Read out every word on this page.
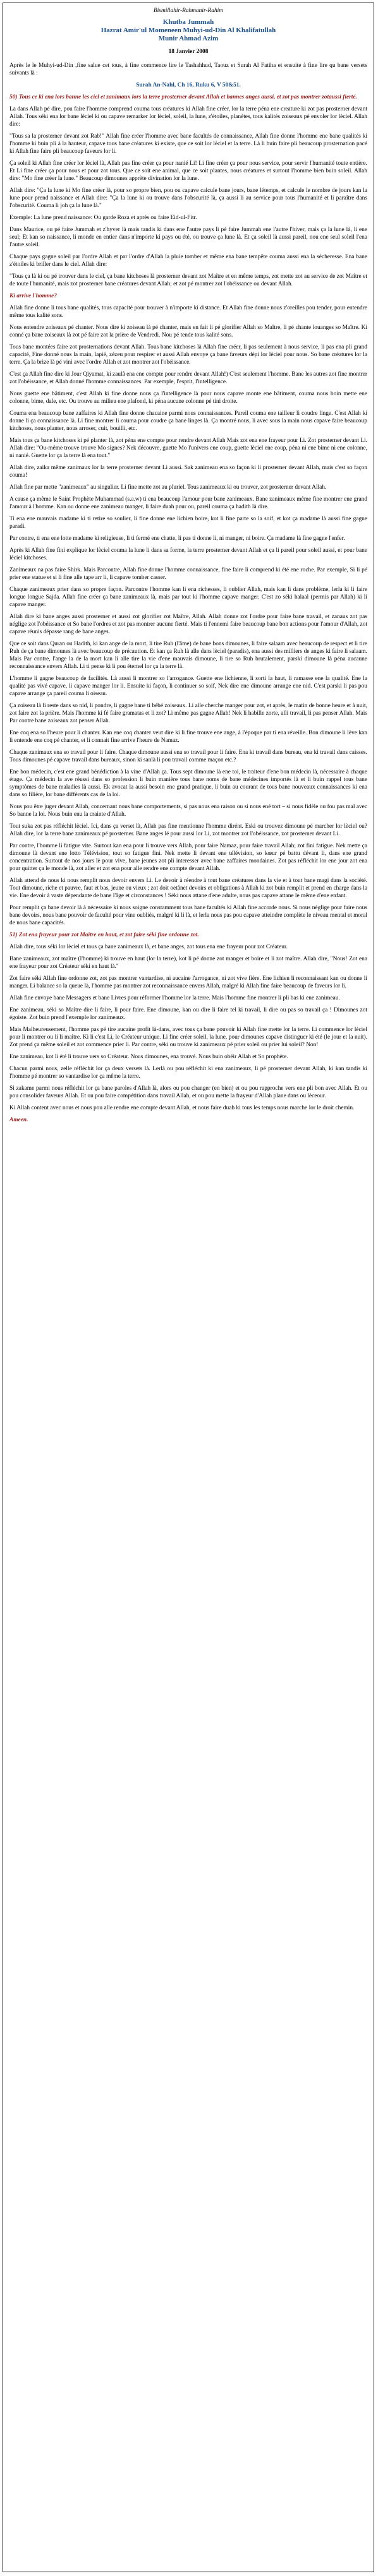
Bismillahir-Rahmanir-Rahim
Khutba Jummah
Hazrat Amir'ul Momeneen Muhyi-ud-Din Al Khalifatullah
Munir Ahmad Azim
18 Janvier 2008

Après le le Muhyi-ud-Din ,fine salue cet tous, à fine commence lire le Tashahhud, Taouz et Surah Al Fatiha et ensuite à fine lire qu bane versets suivants là :

Surah An-Nahl, Ch 16, Ruku 6, V 50&51.

50) Tous ce ki ena lors banne les ciel et zanimaux lors la terre prosterner devant Allah et bannes anges aussi, et zot pas montrer zotaussi fierté.

La dans Allah pé dire, pou faire l'homme comprend couma tous créatures ki Allah fine créer, lor la terre péna ene creature ki zot pas prosterner devant Allah. Tous séki ena lor bane lèciel ki ou capave remarker lor lèciel, soleil, la lune, z'étoiles, planètes, tous kalités zoiseaux pé envoler lor lèciel. Allah dire:

"Tous sa la prosterner devant zot Rab!" Allah fine créer l'homme avec bane facultés de connaissance, Allah fine donne l'homme ene bane qualités ki l'homme ki buin pli à la hauteur, capave tous bane créatures ki existe, que ce soit lor lèciel et la terre. Là li buin faire pli beaucoup prosternation pacé ki Allah fine faire pli beaucoup faveurs lor li.

Ça soleil ki Allah fine créer lor lèciel là, Allah pas fine créer ça pour nanié Li! Li fine créer ça pour nous service, pour servir l'humanité toute entière. Et Li fine créer ça pour nous et pour zot tous. Que ce soit ene animal, que ce soit plantes, nous créatures et surtout l'homme bien buin soleil. Allah dire: "Mo fine créer la lune." Beaucoup dimounes apprète divination lor la lune.

Allah dire: "Ça la lune ki Mo fine créer là, pour so propre bien, pou ou capave calcule bane jours, bane létemps, et calcule le nombre de jours kan la lune pour prend naissance et Allah dire: "Ça la lune ki ou trouve dans l'obscurité là, ça aussi li au service pour tous l'humanité et li paraître dans l'obscurité. Couma li joh ça la lune là."

Exemple: La lune prend naissance: Ou garde Roza et après ou faire Eid-ul-Fitr.

Dans Maurice, ou pé faire Jummah et z'hyver là mais tandis ki dans ene l'autre pays li pé faire Jummah ene l'autre l'hiver, mais ça la lune là, li ene seul; Et kan so naissance, li monde en entier dans n'importe ki pays ou été, ou trouve ça lune là. Et ça soleil là aussi pareil, nou ene seul soleil l'ena l'autre soleil.

Chaque pays gagne soleil par l'ordre Allah et par l'ordre d'Allah la pluie tomber et même ena bane tempête couma aussi ena la sécheresse. Ena bane z'étoiles ki briller dans le ciel. Allah dire:

"Tous ça là ki ou pé trouver dans le ciel, ça bane kitchoses là prosterner devant zot Maître et en même temps, zot mette zot au service de zot Maître et de toute l'humanité, mais zot prosterner bane créatures devant Allah; et zot pé montrer zot l'obéissance ou devant Allah.

Ki arrive l'homme?

Allah fine donne li tous bane qualités, tous capacité pour trouver à n'importe ki distance. Et Allah fine donne nous z'oreilles pou tender, pour entendre même tous kalité sons.

Nous entendre zoiseaux pé chanter. Nous dire ki zoiseau là pé chanter, mais en fait li pé glorifier Allah so Maître, li pé chante louanges so Maître. Ki conné ça bane zoiseaux là zot pé faire zot la prière de Vendredi. Nou pé tende tous kalité sons.

Tous bane montées faire zot prosternations devant Allah. Tous bane kitchoses là Allah fine créer, li pas seulement à nous service, li pas ena pli grand capacité, Fine donné nous la main, lapié, zézeu pour respirer et aussi Allah envoye ça bane faveurs dépi lor lèciel pour nous. So bane créatures lor la terre. Ça la brize là pé vini avec l'ordre Allah et zot montrer zot l'obéissance.

C'est ça Allah fine dire ki Jour Qiyamat, ki zaulâ ena ene compte pour rendre devant Allah!) C'est seulement l'homme. Bane les autres zot fine montrer zot l'obéissance, et Allah donné l'homme connaissances. Par exemple, l'esprit, l'intelligence.

Nous guette ene bâtiment, c'est Allah ki fine donne nous ça l'intelligence là pour nous capave monte ene bâtiment, couma nous boin mette ene colonne, bime, dale, etc. Ou trouve au milieu ene plafond, ki péna aucune colonne pé tini droite.

Couma ena beaucoup bane zaffaires ki Allah fine donne chacaine parmi nous connaissances. Pareil couma ene tailleur li coudre linge. C'est Allah ki donne li ça connaissance là. Li fine montrer li couma pour coudre ça bane linges là. Ça montré nous, li avec sous la main nous capave faire beaucoup kitchoses, nous planter, nous arroser, cuit, bouilli, etc.

Mais tous ça bane kitchoses ki pé planter là, zot pèna ene compte pour rendre devant Allah Mais zot ena ene frayeur pour Li. Zot prosterner devant Li. Allah dire: "Ou-même trouve trouve Mo signes? Nek découvre, guette Mo l'univers ene coup, guette lèciel ene coup, péna ni ene bime ni ene colonne, ni nanié. Guette lor ça la terre là ena tout."

Allah dire, zaika même zanimaux lor la terre prosterner devant Li aussi. Sak zanimeau ena so façon ki li prosterner devant Allah, mais c'est so façon couma!

Allah fine par mette "zanimeaux" au singulier. Li fine mette zot au pluriel. Tous zanimeaux ki ou trouver, zot prosterner devant Allah.

A cause ça même le Saint Prophète Muhammad (s.a.w) ti ena beaucoup l'amour pour bane zanimeaux. Bane zanimeaux même fine montrer ene grand l'amour à l'homme. Kan ou donne ene zanimeau manger, li faire duah pour ou, pareil couma ça hadith là dire.

Ti ena ene mauvais madame ki ti retire so soulier, li fine donne ene lichien boire, kot li fine parte so la soif, et kot ça madame là aussi fine gagne paradi.

Par contre, ti ena ene lotte madame ki religieuse, li ti fermé ene chatte, li pas ti donne li, ni manger, ni boire. Ça madame là fine gagne l'enfer.

Après ki Allah fine fini explique lor lèciel couma la lune li dans sa forme, la terre prosterner devant Allah et ça li pareil pour soleil aussi, et pour bane lèciel kitchoses.

Zanimeaux na pas faire Shirk. Mais Parcontre, Allah fine donne l'homme connaissance, fine faire li comprend ki été ene roche. Par exemple, Si li pé prier ene statue et si li fine alle tape arr li, li capave tomber casser.

Chaque zanimeaux prier dans so propre façon. Parcontre l'homme kan li ena richesses, li oublier Allah, mais kan li dans problème, lerla ki li faire longue longue Sajda. Allah fine créer ça bane zanimeaux là, mais par tout ki l'homme capave manger. C'est zo séki halaal (permis par Allah) ki li capave manger.

Allah dire ki bane anges aussi prosterner et aussi zot glorifier zot Maître, Allah. Allah donne zot l'ordre pour faire bane travail, et zanaus zot pas néglige zot l'obéissance et So bane l'ordres et zot pas montrer aucune fierté. Mais ti l'ennemi faire beaucoup bane bon actions pour l'amour d'Allah, zot capave réunis dépasse rang de bane anges.

Que ce soit dans Quran ou Hadith, ki kan ange de la mort, li tire Ruh (l'âme) de bane bons dimounes, li faire salaam avec beaucoup de respect et li tire Ruh de ça bane dimounes là avec beaucoup de précaution. Et kan ça Ruh là alle dans lèciel (paradis), ena aussi des milliers de anges ki faire li salaam. Mais Par contre, l'ange la de la mort kan li alle tire la vie d'ene mauvais dimoune, li tire so Ruh brutalement, parski dimoune là péna aucaune reconnaissance envers Allah. Li ti pense ki li pou éternel lor ça la terre là.

L'homme li gagne beaucoup de facilités. Là aussi li montrer so l'arrogance. Guette ene lichienne, li sorti la haut, li ramasse ene la qualité. Ene la qualité pas vivé capave, li capave manger lor li. Ensuite ki façon, li continuer so soif, Nek dire ene dimoune arrange ene nid. C'est parski li pas pou capave arrange ça pareil couma li oiseau.

Ça zoiseau là li reste dans so nid, li pondre, li gagne bane ti bébé zoiseaux. Li alle cherche manger pour zot, et après, le matin de bonne heure et à nuit, zot faire zot la prière. Mais l'homme ki fé faire gramatas et li zot? Li même pas gagne Allah! Nek li habille zorte, alli travail, li pas penser Allah. Mais Par contre bane zoiseaux zot penser Allah.

Ene coq ena so l'heure pour li chanter. Kan ene coq chanter veut dire ki li fine trouve ene ange, à l'époque par ti ena réveille. Bon dimoune li lève kan li entende ene coq pé chanter, et li connait fine arrive l'heure de Namaz.

Chaque zanimaux ena so travail pour li faire. Chaque dimoune aussi ena so travail pour li faire. Ena ki travail dans bureau, ena ki travail dans caisses. Tous dimounes pé capave travail dans bureaux, sinon ki sanlà li pou travail comme maçon etc.?

Ene bon médecin, c'est ene grand bénédiction à la vine d'Allah ça. Tous sept dimoune là ene toi, le traiteur d'ene bon médecin là, nécessaire à chaque étage. Ça médecin la ave réussi dans so profession li buin manière tous bane noms de bane médecines importés là et li buin rappel tous bane symptômes de bane maladies là aussi. Ek avocat la aussi besoin ene grand pratique, li buin au courant de tous bane nouveaux connaissances ki ena dans so filière, lor bane différents cas de la loi.

Nous pou être juger devant Allah, concernant nous bane comportements, si pas nous ena raison ou si nous ené tort – si nous fidèle ou fou pas mal avec So banne la loi. Nous buin enu la crainte d'Allah.

Tout suka zot pas réfléchit lèciel. Ici, dans ça verset là, Allah pas fine mentionne l'homme dirént. Eski ou trouvez dimoune pé marcher lor lèciel ou? Allah dire, lor la terre bane zanimeaux pé prosterner. Bane anges lé pour aussi lor Li, zot montrer zot l'obéissance, zot prosterner devant Li.

Par contre, l'homme li fatigue vite. Surtout kan ena pour li trouve vers Allah, pour faire Namaz, pour faire travail Allah; zot fini fatigue. Nek mette ça dimoune là devant ene lotto Télévision, tout so fatigue fini. Nek mette li devant ene télévision, so kœur pé battu dévant li, dans ene grand concentration. Surtout de nos jours lè pour vive, bane jeunes zot pli interesser avec bane zaffaires mondaines. Zot pas réfléchit lor ene jour zot ena pour quitter ça le monde là, zot aller et zot ena pour alle rendre ene compte devant Allah.

Allah attend de nous ki nous remplit nous devoir envers Li. Le devoir à réendre à tout bane créatures dans la vie et à tout bane magi dans la société. Tout dimoune, riche et pauvre, faut et bas, jeune ou vieux ; zot doit oetânet devoirs et obligations à Allah ki zot buin remplit et prend en charge dans la vie. Ene devoir à vaste dépendante de bane l'âge et circonstances ! Séki nous attane d'ene adulte, nous pas capave attane le même d'ene enfant.

Pour remplit ça bane devoir là à nécessaire ki nous soigne constamment tous bane facultés ki Allah fine accorde nous. Si nous néglige pour faire nous bane devoirs, nous bane pouvoir de faculté pour vine oubliés, malgré ki li là, et lerla nous pas pou capave atteindre complète le niveau mental et moral de nous bane capacités.

51) Zot ena frayeur pour zot Maître en haut, et zot faire séki fine ordonne zot.

Allah dire, tous séki lor lèciel et tous ça bane zanimeaux là, et bane anges, zot tous ena ene frayeur pour zot Créateur.

Bane zanimeaux, zot maître (l'homme) ki trouve en haut (lor la terre), kot li pé donne zot manger et boire et li zot maître. Allah dire, "Nous! Zot ena ene frayeur pour zot Créateur séki en haut là."

Zot faire séki Allah fine ordonne zot, zot pas montrer vantardise, ni aucaine l'arrogance, ni zot vive fière. Ene lichien li reconnaissant kan ou donne li manger. Li balance so la queue là, l'homme pas montrer zot reconnaissance envers Allah, malgré ki Allah fine faire beaucoup de faveurs lor li.

Allah fine envoye bane Messagers et bane Livres pour réformer l'homme lor la terre. Mais l'homme fine montrer li pli bas ki ene zanimeau.

Ene zanimeau, séki so Maître dire li faire, li pour faire. Ene dimoune, kan ou dire li faire tel ki travail, li dire ou pas so travail ça ! Dimounes zot égoiste. Zot buin prend l'exemple lor zanimeaux.

Mais Malheureusement, l'homme pas pé tire aucaine profit là-dans, avec tous ça bane pouvoir ki Allah fine mette lor la terre. Li commence lor lèciel pour li montrer ou li li maître. Ki li c'est Li, le Créateur unique. Li fine créer soleil, la lune, pour dimounes capave distinguer ki été (le jour et la nuit). Zot prend ça même soleil et zot commence prier li. Par contre, séki ou trouve ki zanimeaux pé prier soleil ou prier lui soleil? Non!

Ene zanimeau, kot li été li trouve vers so Créateur. Nous dimounes, ena trouvé. Nous buin obéir Allah et So prophète.

Chacun parmi nous, zelle réfléchit lor ça deux versets là. Lerlà ou pou réfléchit ki ena zanimeaux, li pé prosterner devant Allah, ki kan tandis ki l'homme pé montrer so vantardise lor ça même la terre.

Si zakame parmi nous réfléchit lor ça bane paroles d'Allah là, alors ou pou changer (en bien) et ou pou rapproche vers ene pli bon avec Allah. Et ou pou consolider faveurs Allah. Et ou pou faire compétition dans travail Allah, et ou pou mette la frayeur d'Allah plane dans ou lèceour.

Ki Allah content avec nous et nous pou alle rendre ene compte devant Allah, et nous faire duah ki tous les temps nous marche lor le droit chemin.

Ameen.
